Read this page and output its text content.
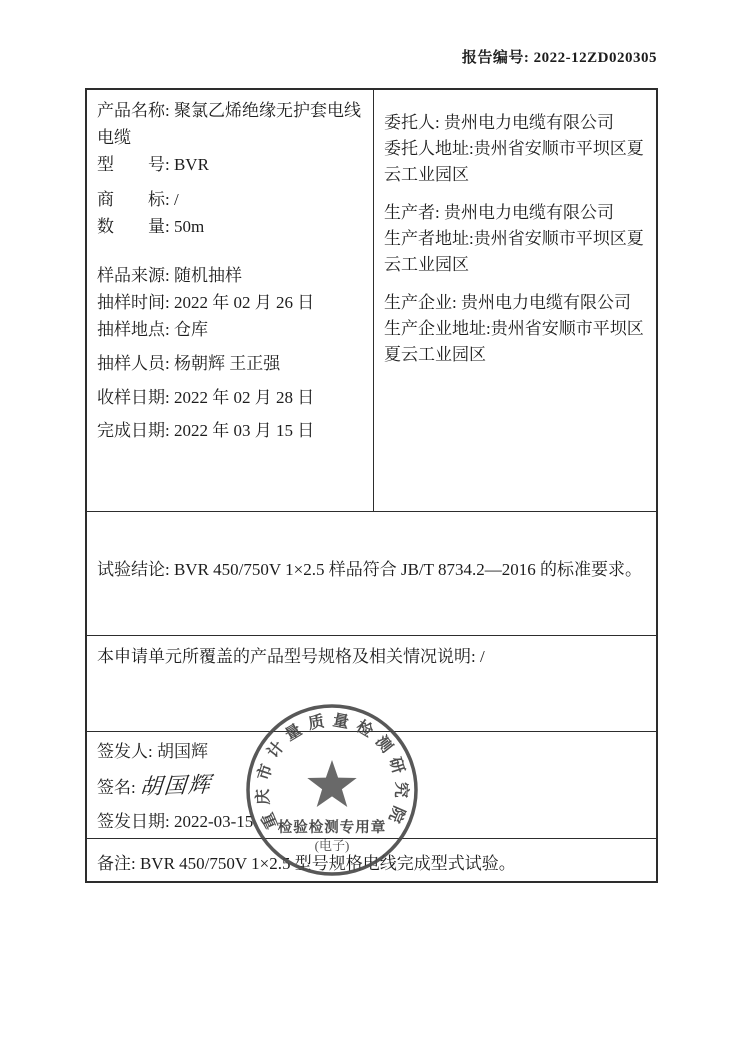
报告编号: 2022-12ZD020305
产品名称: 聚氯乙烯绝缘无护套电线电缆
型　　号: BVR
商　　标: /
数　　量: 50m
样品来源: 随机抽样
抽样时间: 2022 年 02 月 26 日
抽样地点: 仓库
抽样人员: 杨朝辉 王正强
收样日期: 2022 年 02 月 28 日
完成日期: 2022 年 03 月 15 日
委托人: 贵州电力电缆有限公司
委托人地址:贵州省安顺市平坝区夏云工业园区
生产者: 贵州电力电缆有限公司
生产者地址:贵州省安顺市平坝区夏云工业园区
生产企业: 贵州电力电缆有限公司
生产企业地址:贵州省安顺市平坝区夏云工业园区
试验结论: BVR 450/750V 1×2.5 样品符合 JB/T 8734.2—2016 的标准要求。
本申请单元所覆盖的产品型号规格及相关情况说明: /
签发人: 胡国辉
签名: 胡国辉
签发日期: 2022-03-15
备注: BVR 450/750V 1×2.5 型号规格电线完成型式试验。
重庆市计量质量检测研究院
检验检测专用章
(电子)
